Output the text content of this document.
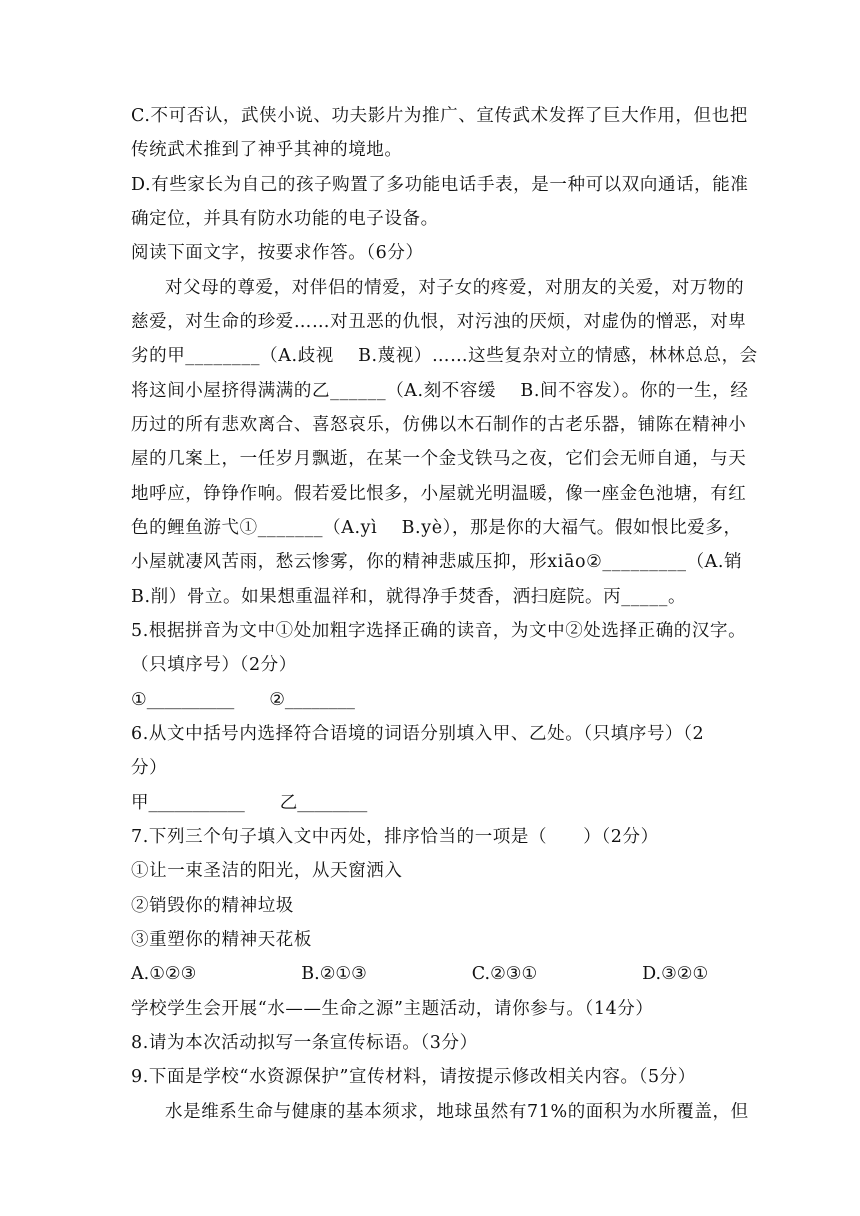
C.不可否认，武侠小说、功夫影片为推广、宣传武术发挥了巨大作用，但也把
传统武术推到了神乎其神的境地。
D.有些家长为自己的孩子购置了多功能电话手表，是一种可以双向通话，能准
确定位，并具有防水功能的电子设备。
阅读下面文字，按要求作答。（6分）
对父母的尊爱，对伴侣的情爱，对子女的疼爱，对朋友的关爱，对万物的
慈爱，对生命的珍爱……对丑恶的仇恨，对污浊的厌烦，对虚伪的憎恶，对卑
劣的甲________（A.歧视　 B.蔑视）……这些复杂对立的情感，林林总总，会
将这间小屋挤得满满的乙______（A.刻不容缓　 B.间不容发）。你的一生，经
历过的所有悲欢离合、喜怒哀乐，仿佛以木石制作的古老乐器，铺陈在精神小
屋的几案上，一任岁月飘逝，在某一个金戈铁马之夜，它们会无师自通，与天
地呼应，铮铮作响。假若爱比恨多，小屋就光明温暖，像一座金色池塘，有红
色的鲤鱼游弋①_______（A.yì　 B.yè），那是你的大福气。假如恨比爱多，
小屋就凄风苦雨，愁云惨雾，你的精神悲戚压抑，形xiāo②_________（A.销
B.削）骨立。如果想重温祥和，就得净手焚香，洒扫庭院。丙_____。
5.根据拼音为文中①处加粗字选择正确的读音，为文中②处选择正确的汉字。
（只填序号）（2分）
①__________　　②________
6.从文中括号内选择符合语境的词语分别填入甲、乙处。（只填序号）（2
分）
甲___________　　乙________
7.下列三个句子填入文中丙处，排序恰当的一项是（　　）（2分）
①让一束圣洁的阳光，从天窗洒入
②销毁你的精神垃圾
③重塑你的精神天花板
A.①②③　　　　　　B.②①③　　　　　　C.②③①　　　　　　D.③②①
学校学生会开展“水——生命之源”主题活动，请你参与。（14分）
8.请为本次活动拟写一条宣传标语。（3分）
9.下面是学校“水资源保护”宣传材料，请按提示修改相关内容。（5分）
水是维系生命与健康的基本须求，地球虽然有71%的面积为水所覆盖，但
